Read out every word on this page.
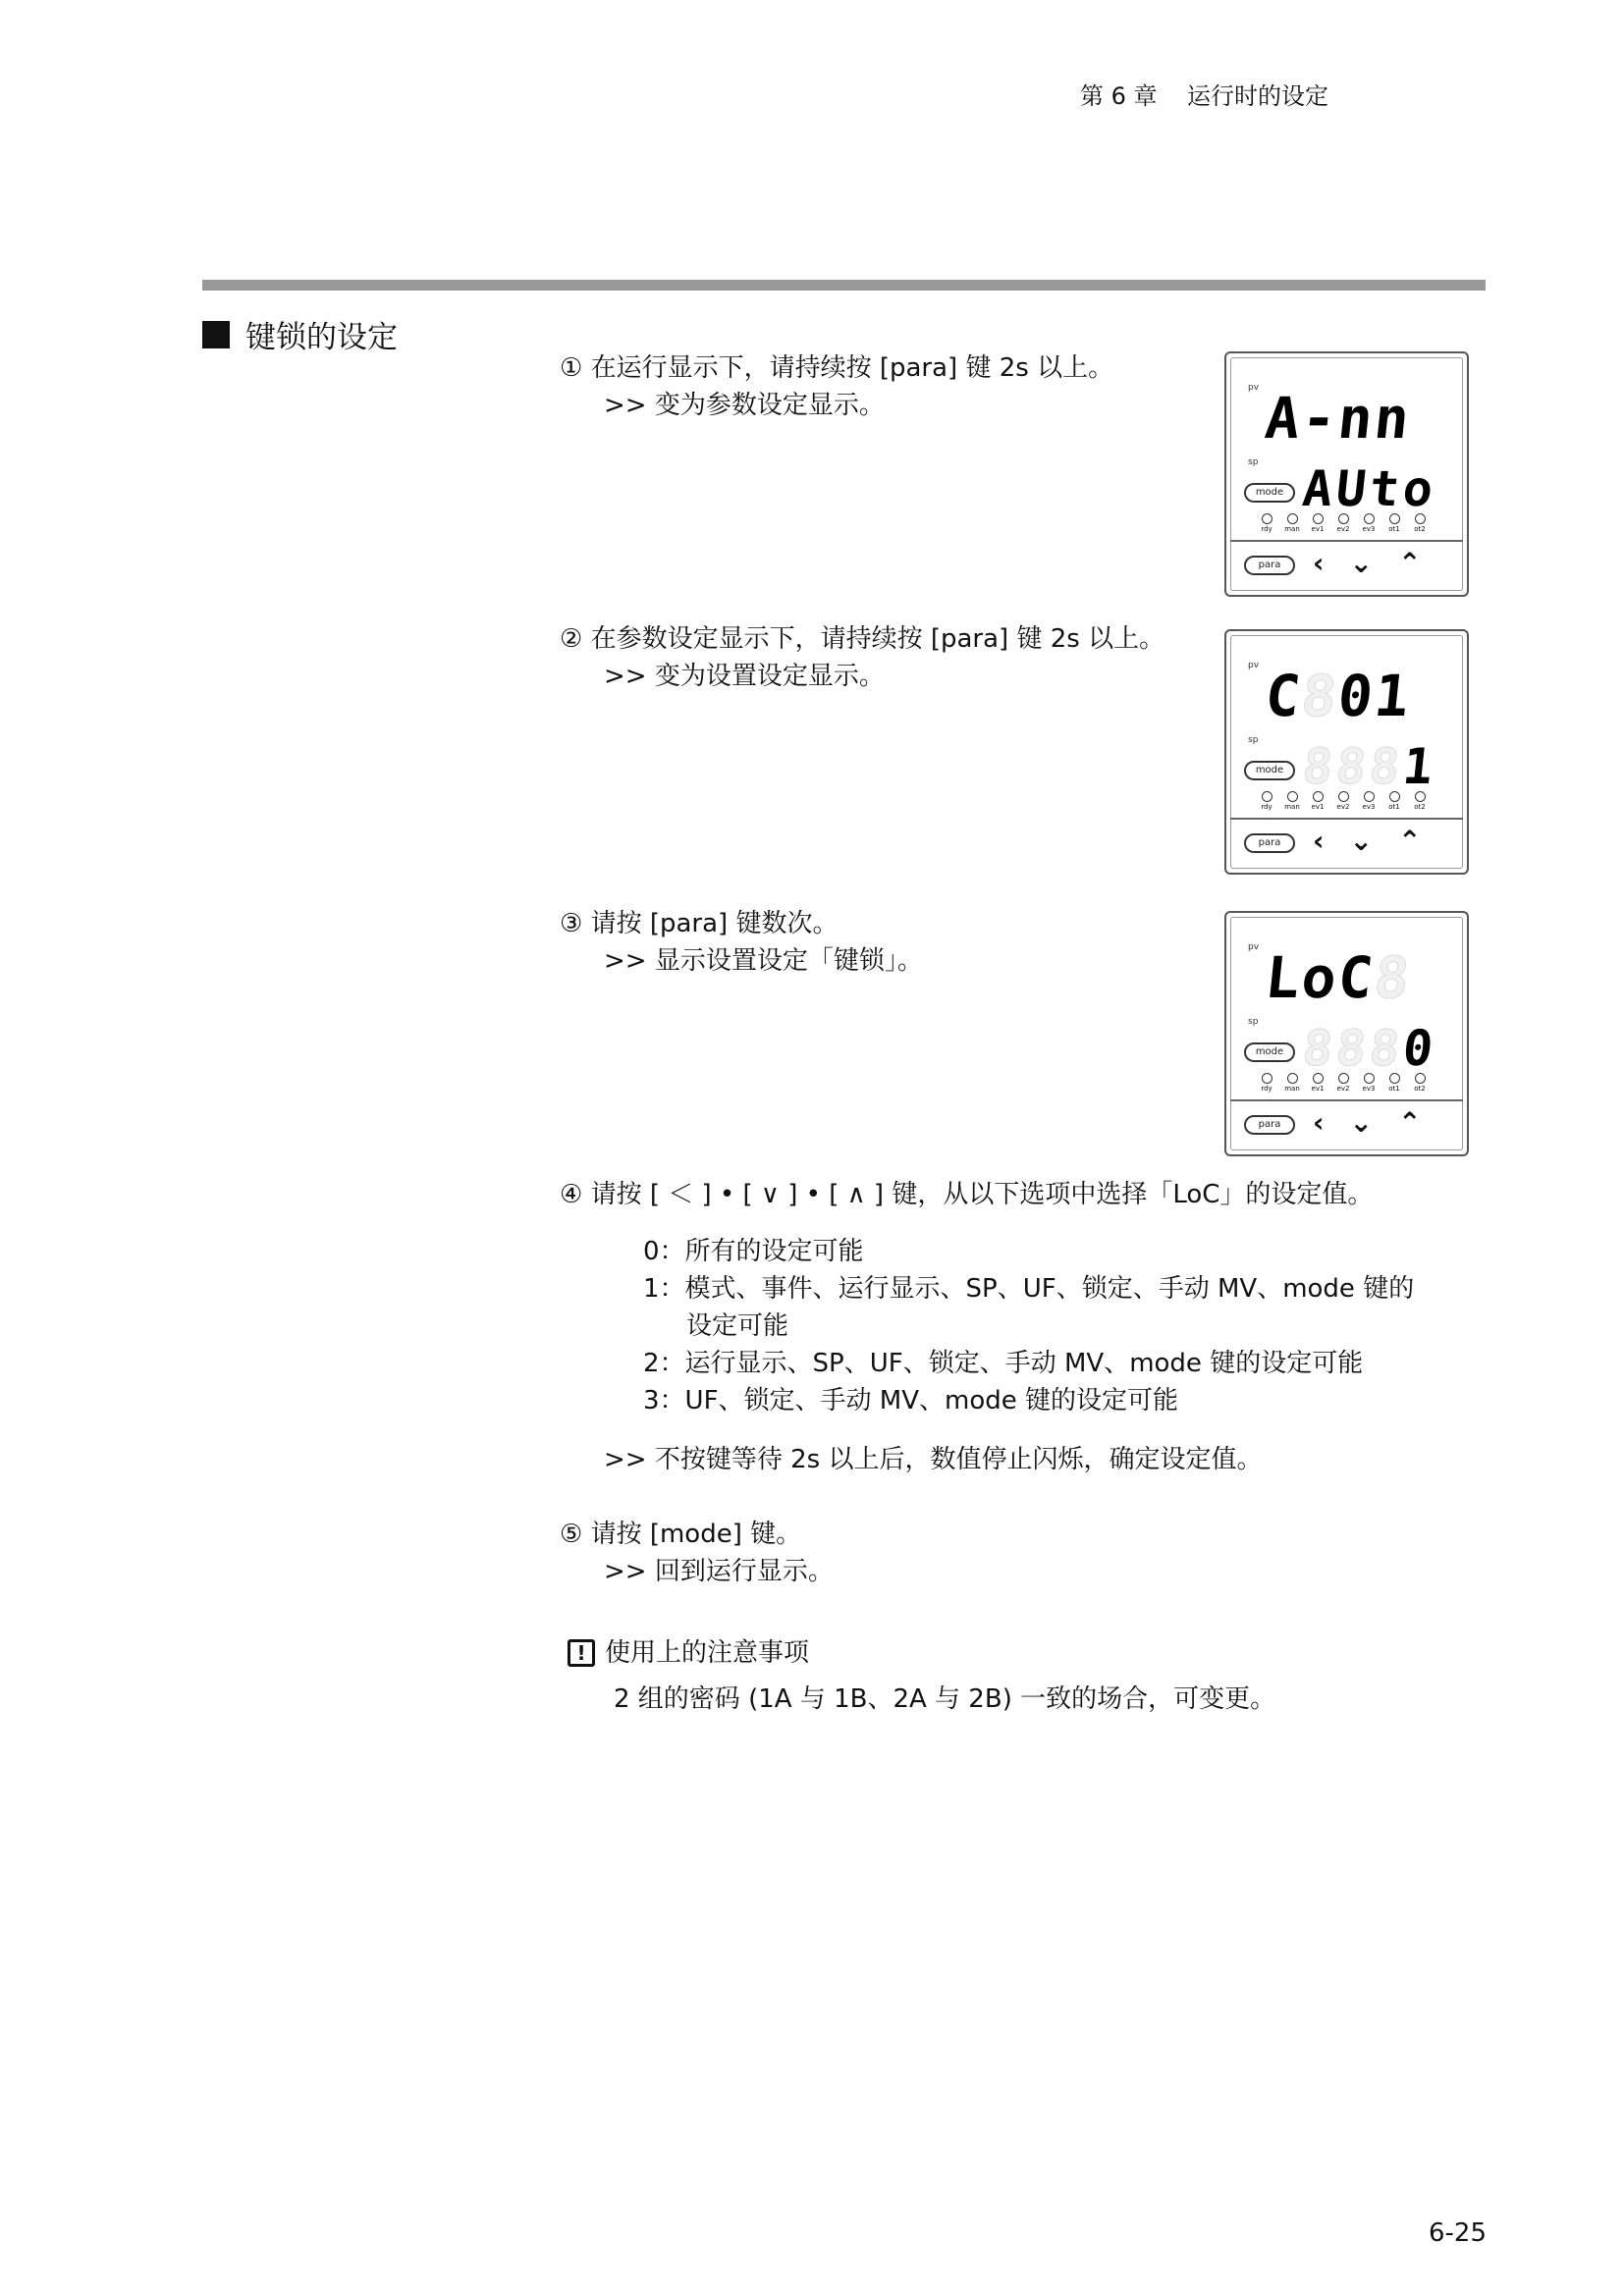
第 6 章    运行时的设定
键锁的设定
① 在运行显示下，请持续按 [para] 键 2s 以上。
>> 变为参数设定显示。
② 在参数设定显示下，请持续按 [para] 键 2s 以上。
>> 变为设置设定显示。
③ 请按 [para] 键数次。
>> 显示设置设定「键锁」。
④ 请按 [ ＜ ] • [ ∨ ] • [ ∧ ] 键，从以下选项中选择「LoC」的设定值。
0：所有的设定可能
1：模式、事件、运行显示、SP、UF、锁定、手动 MV、mode 键的
设定可能
2：运行显示、SP、UF、锁定、手动 MV、mode 键的设定可能
3：UF、锁定、手动 MV、mode 键的设定可能
>> 不按键等待 2s 以上后，数值停止闪烁，确定设定值。
⑤ 请按 [mode] 键。
>> 回到运行显示。
! 使用上的注意事项
2 组的密码 (1A 与 1B、2A 与 2B) 一致的场合，可变更。
pv A
-
n
n
sp
mode A
U
t
o
rdy man ev1 ev2 ev3 ot1 ot2
para	‹ ⌄ ⌃
pv C
8
0
1
sp
mode 8
8
8
1
rdy man ev1 ev2 ev3 ot1 ot2
para	‹ ⌄ ⌃
pv L
o
C
8
sp
mode 8
8
8
0
rdy man ev1 ev2 ev3 ot1 ot2
para	‹ ⌄ ⌃
6-25
